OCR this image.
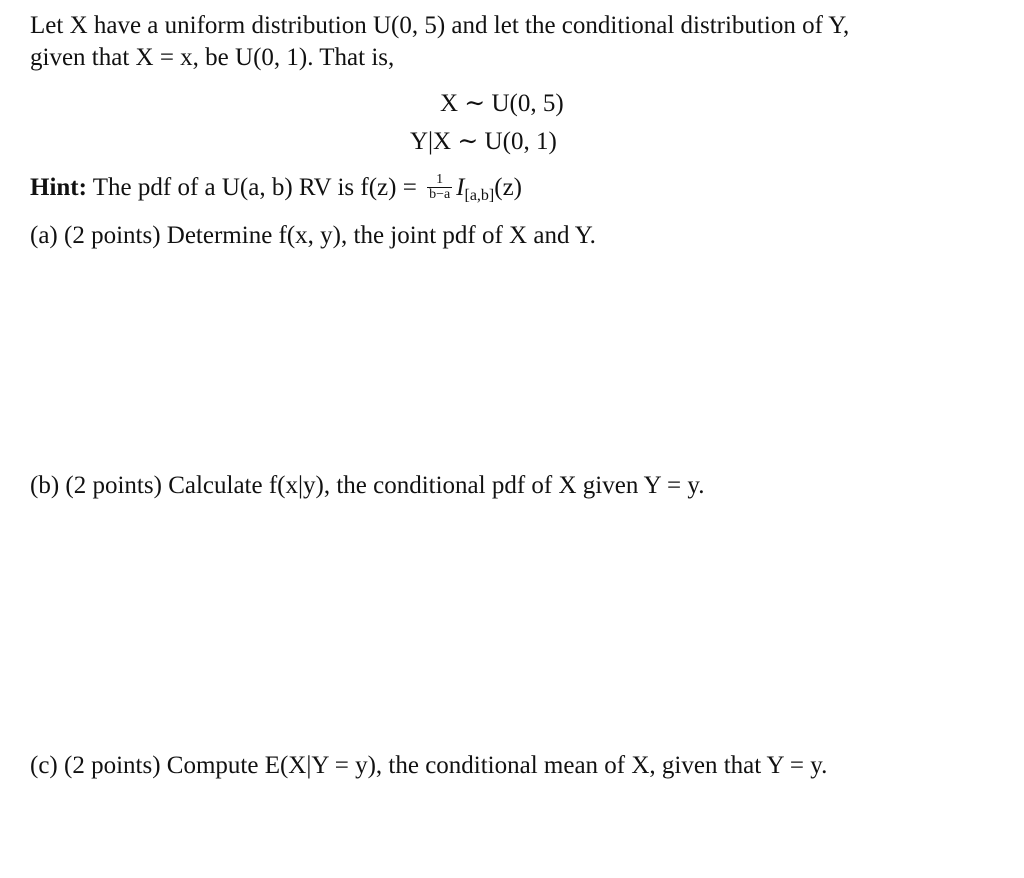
Let X have a uniform distribution U(0, 5) and let the conditional distribution of Y,
given that X = x, be U(0, 1). That is,
X ∼ U(0, 5)
Y|X ∼ U(0, 1)
Hint: The pdf of a U(a, b) RV is $f(z) = \frac{1}{b-a} I_{[a,b]}(z)$
(a) (2 points) Determine f(x, y), the joint pdf of X and Y.
(b) (2 points) Calculate f(x|y), the conditional pdf of X given Y = y.
(c) (2 points) Compute E(X|Y = y), the conditional mean of X, given that Y = y.
